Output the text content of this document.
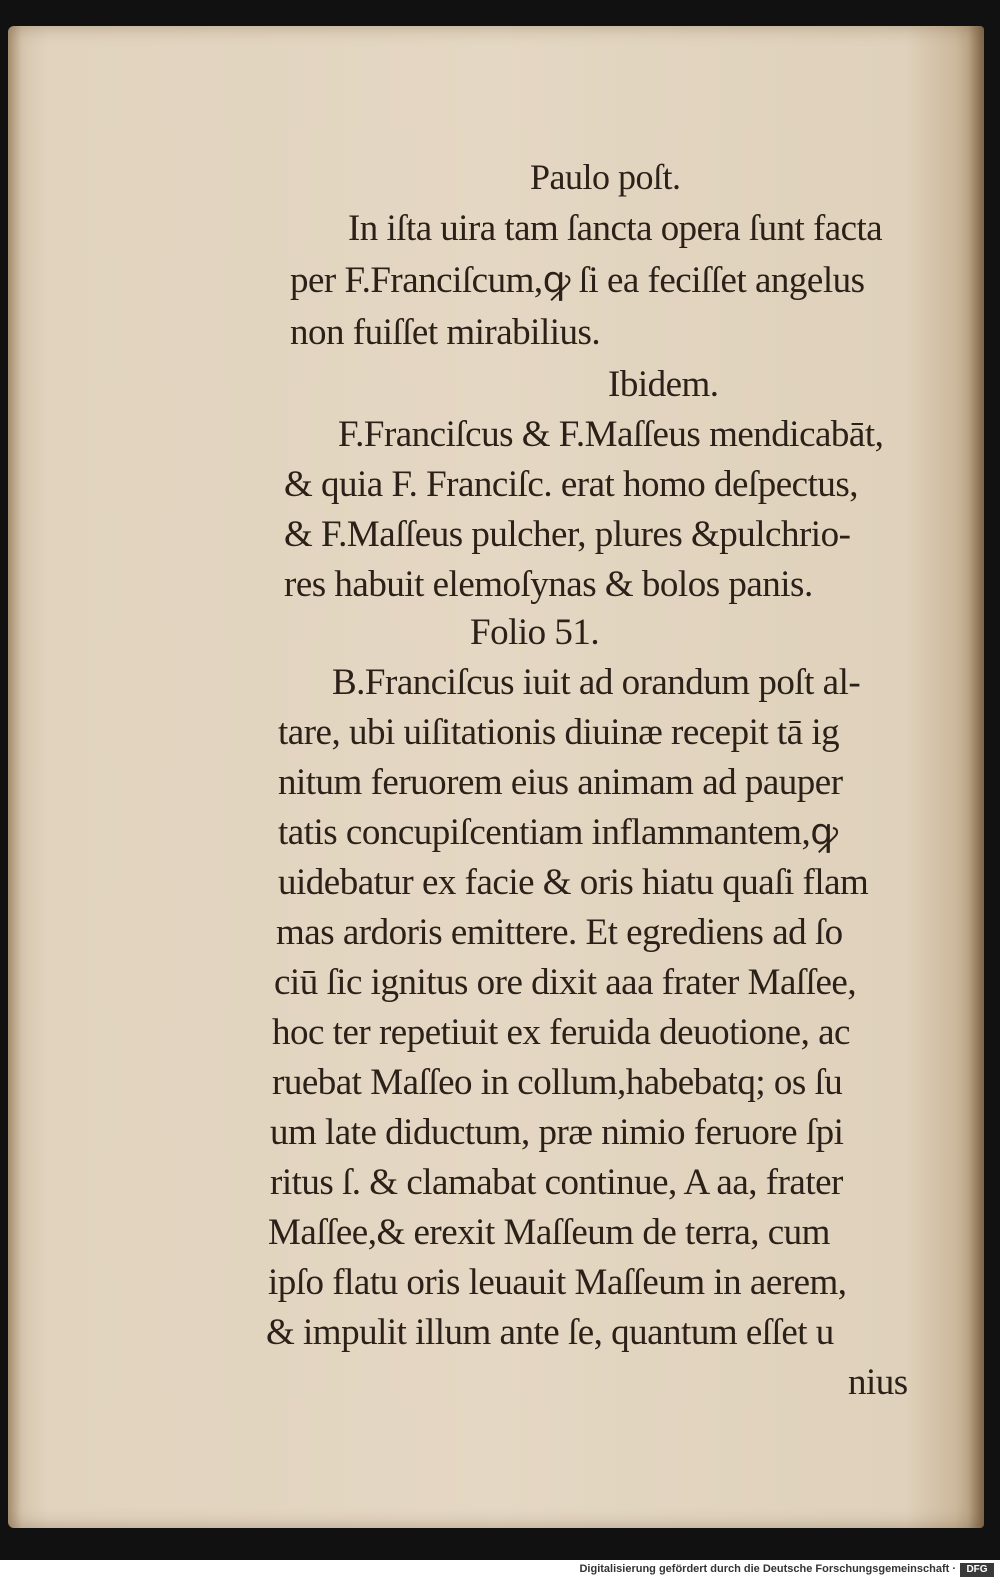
Paulo poſt.
In iſta uira tam ſancta opera ſunt facta
per F.Franciſcum,ꝙ ſi ea feciſſet angelus
non fuiſſet mirabilius.
Ibidem.
F.Franciſcus & F.Maſſeus mendicabāt,
& quia F. Franciſc. erat homo deſpectus,
& F.Maſſeus pulcher, plures &pulchrio-
res habuit elemoſynas & bolos panis.
Folio 51.
B.Franciſcus iuit ad orandum poſt al-
tare, ubi uiſitationis diuinæ recepit tā ig
nitum feruorem eius animam ad pauper
tatis concupiſcentiam inflammantem,ꝙ
uidebatur ex facie & oris hiatu quaſi flam
mas ardoris emittere. Et egrediens ad ſo
ciū ſic ignitus ore dixit aaa frater Maſſee,
hoc ter repetiuit ex feruida deuotione, ac
ruebat Maſſeo in collum,habebatq; os ſu
um late diductum, præ nimio feruore ſpi
ritus ſ. & clamabat continue, A aa, frater
Maſſee,& erexit Maſſeum de terra, cum
ipſo flatu oris leuauit Maſſeum in aerem,
& impulit illum ante ſe, quantum eſſet u
nius
Digitalisierung gefördert durch die Deutsche Forschungsgemeinschaft ·	DFG
